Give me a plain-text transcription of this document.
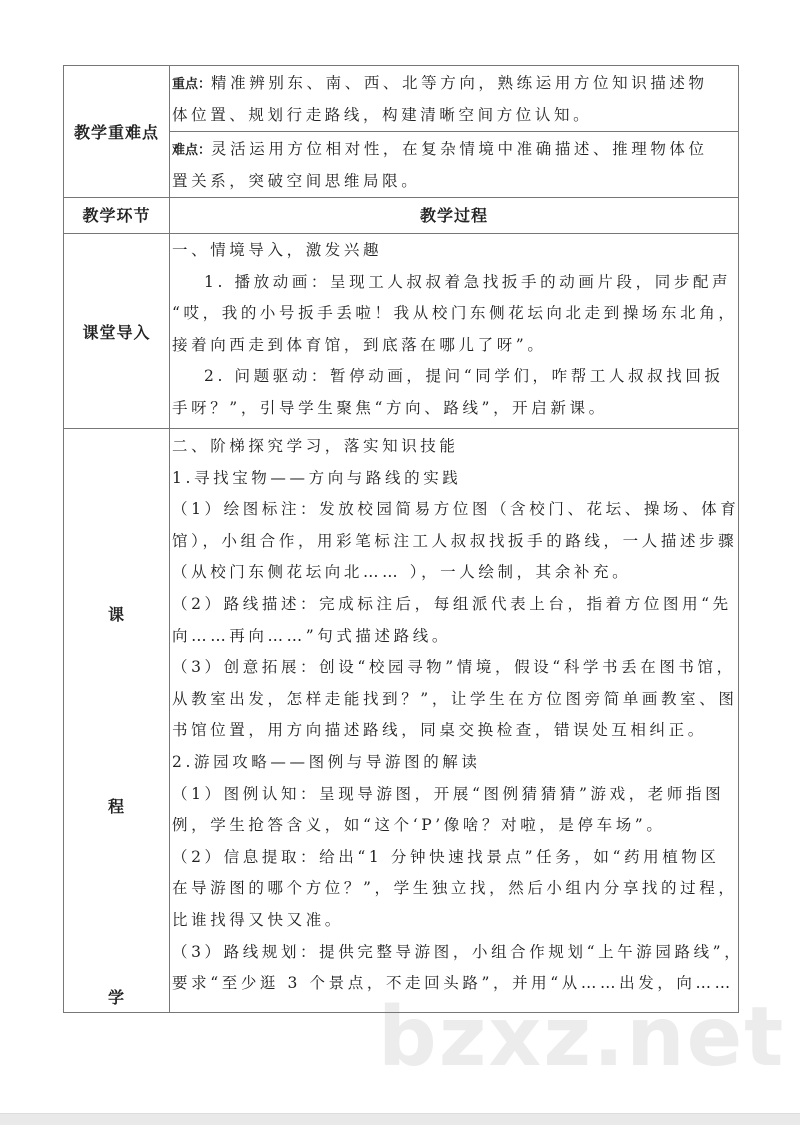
bzxz.net
教学重难点
重点：精准辨别东、南、西、北等方向，熟练运用方位知识描述物
体位置、规划行走路线，构建清晰空间方位认知。
难点：灵活运用方位相对性，在复杂情境中准确描述、推理物体位
置关系，突破空间思维局限。
教学环节	教学过程
课堂导入
一、情境导入，激发兴趣
1. 播放动画：呈现工人叔叔着急找扳手的动画片段，同步配声
“哎，我的小号扳手丢啦！我从校门东侧花坛向北走到操场东北角，
接着向西走到体育馆，到底落在哪儿了呀”。
2. 问题驱动：暂停动画，提问“同学们，咋帮工人叔叔找回扳
手呀？”，引导学生聚焦“方向、路线”，开启新课。
课
程
学
二、阶梯探究学习，落实知识技能
1.寻找宝物——方向与路线的实践
（1）绘图标注：发放校园简易方位图（含校门、花坛、操场、体育
馆），小组合作，用彩笔标注工人叔叔找扳手的路线，一人描述步骤
（从校门东侧花坛向北…… ），一人绘制，其余补充。
（2）路线描述：完成标注后，每组派代表上台，指着方位图用“先
向……再向……”句式描述路线。
（3）创意拓展：创设“校园寻物”情境，假设“科学书丢在图书馆，
从教室出发，怎样走能找到？”，让学生在方位图旁简单画教室、图
书馆位置，用方向描述路线，同桌交换检查，错误处互相纠正。
2.游园攻略——图例与导游图的解读
（1）图例认知：呈现导游图，开展“图例猜猜猜”游戏，老师指图
例，学生抢答含义，如“这个‘P’像啥？对啦，是停车场”。
（2）信息提取：给出“1 分钟快速找景点”任务，如“药用植物区
在导游图的哪个方位？”，学生独立找，然后小组内分享找的过程，
比谁找得又快又准。
（3）路线规划：提供完整导游图，小组合作规划“上午游园路线”，
要求“至少逛 3 个景点，不走回头路”，并用“从……出发，向……
